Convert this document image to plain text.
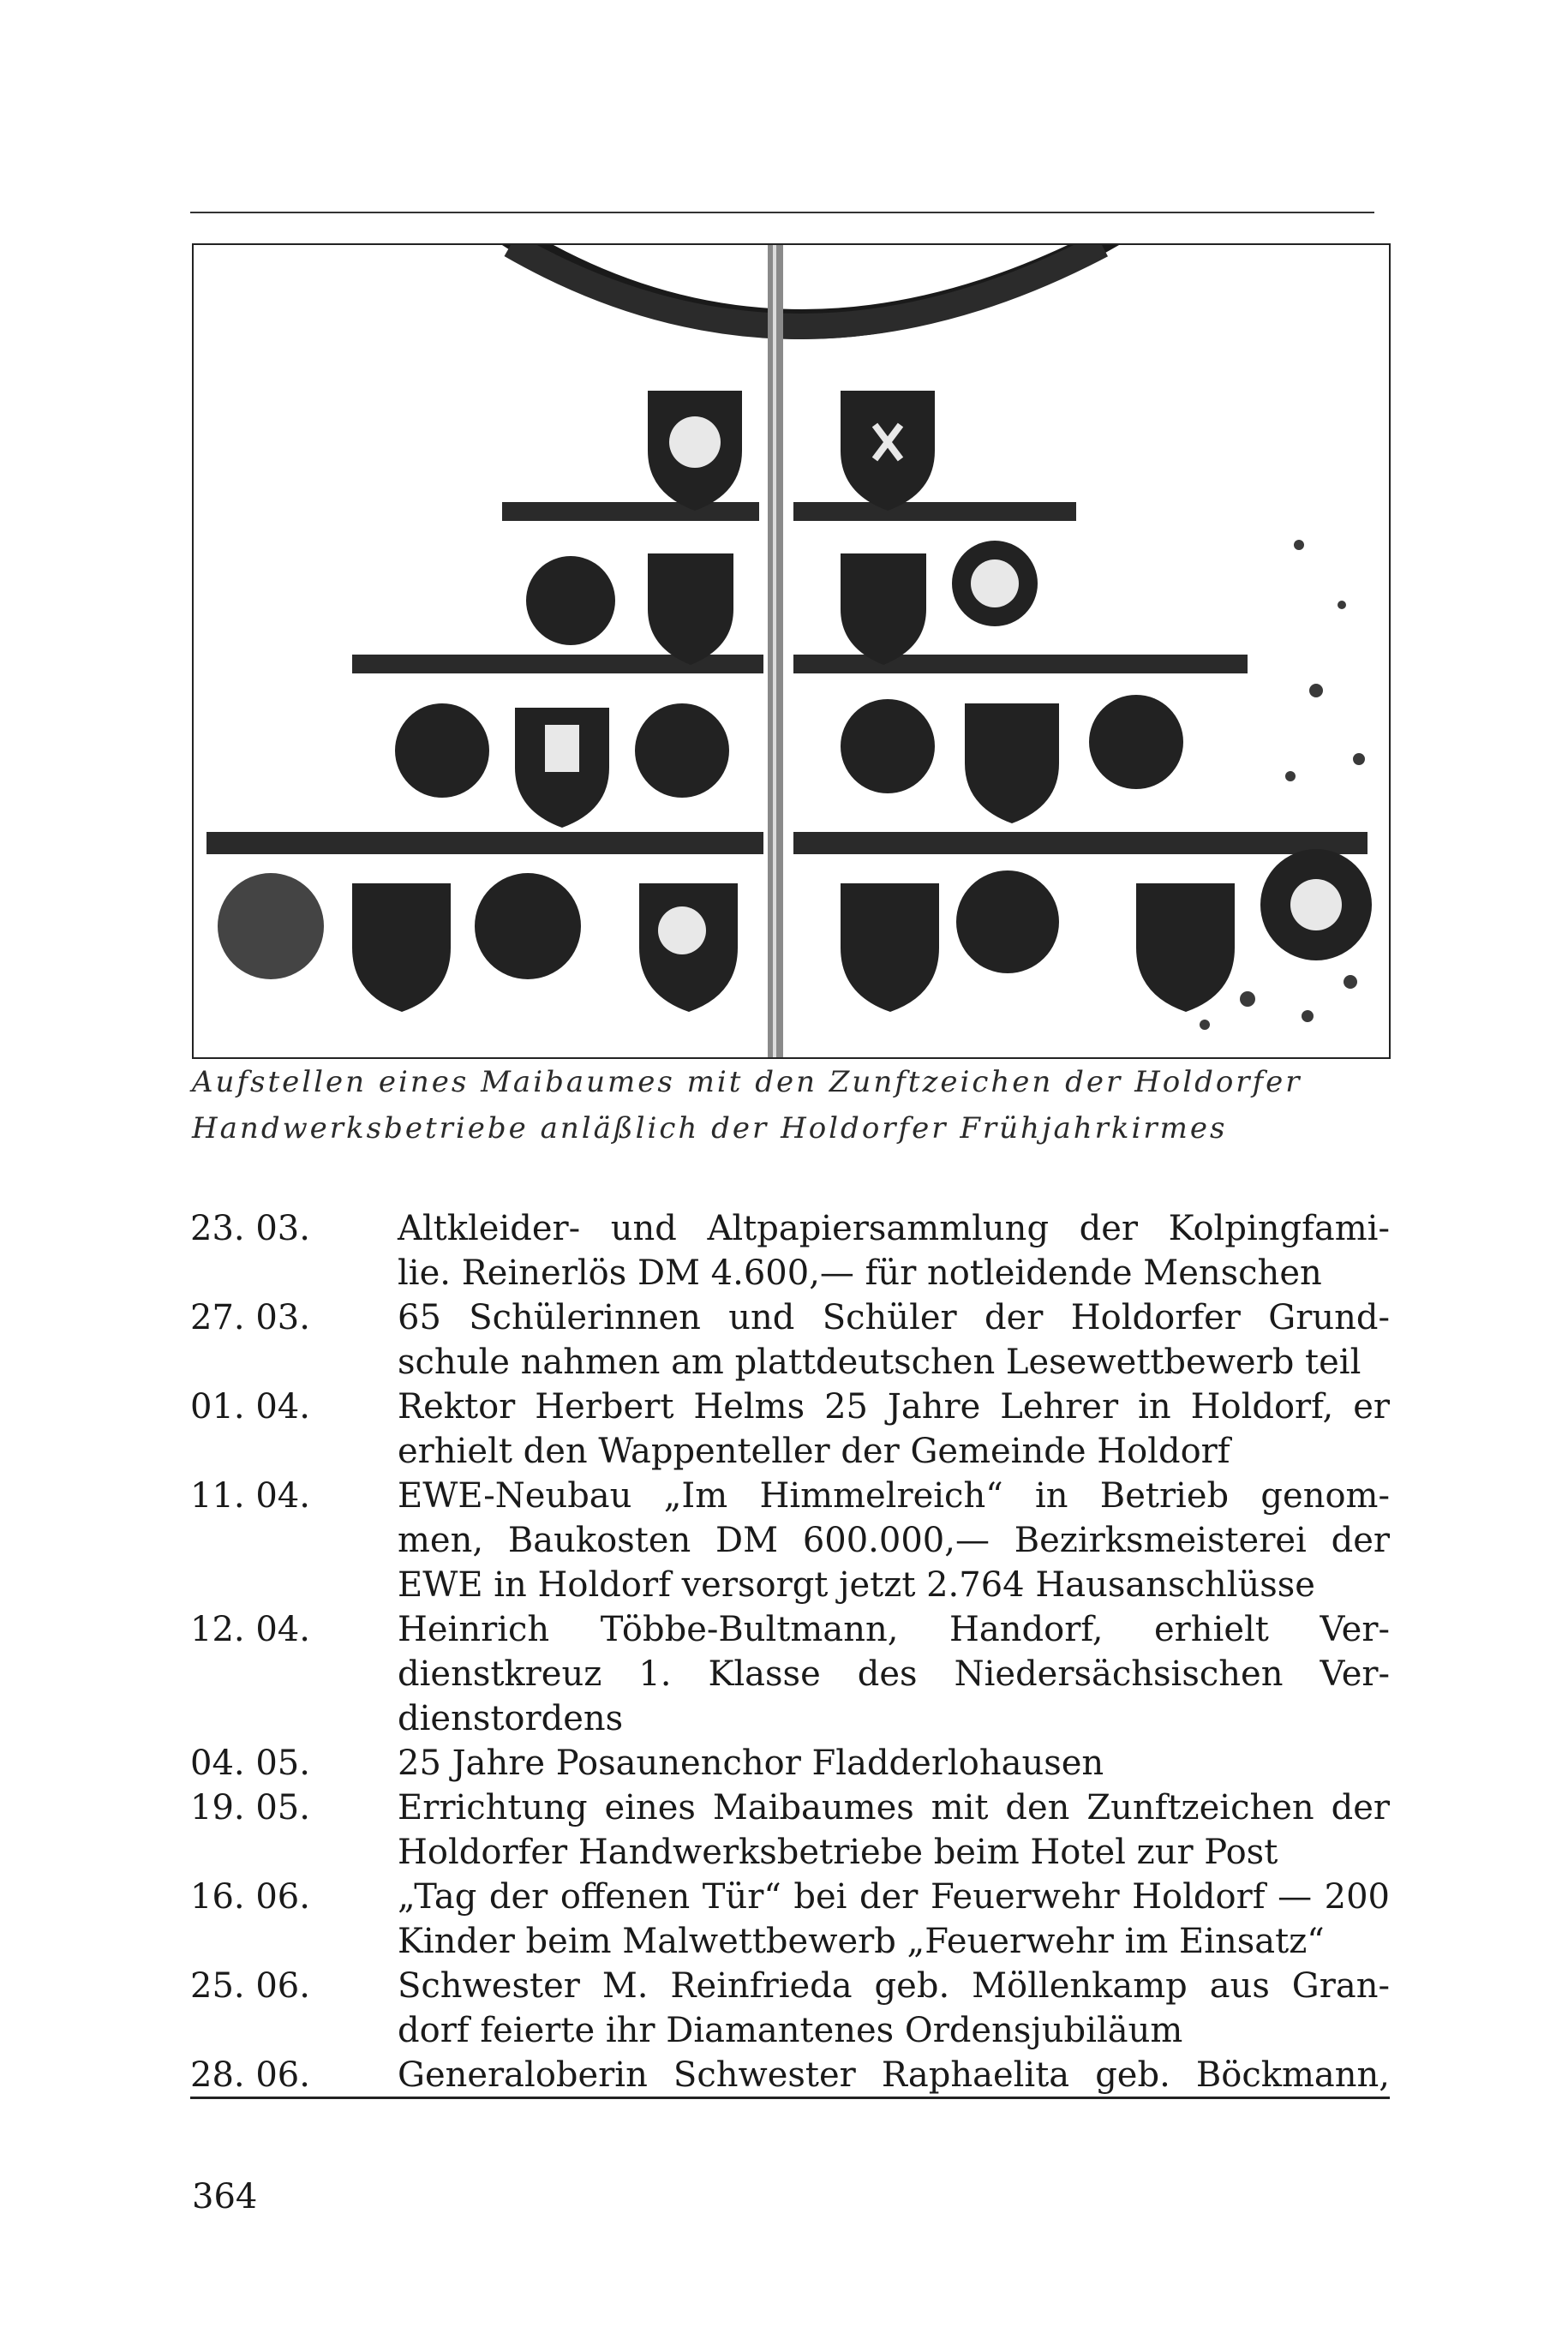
Aufstellen eines Maibaumes mit den Zunftzeichen der Holdorfer
Handwerksbetriebe anläßlich der Holdorfer Frühjahrkirmes
23. 03.	Altkleider- und Altpapiersammlung der Kolpingfami-
lie. Reinerlös DM 4.600,— für notleidende Menschen
27. 03.	65 Schülerinnen und Schüler der Holdorfer Grund-
schule nahmen am plattdeutschen Lesewettbewerb teil
01. 04.	Rektor Herbert Helms 25 Jahre Lehrer in Holdorf, er
erhielt den Wappenteller der Gemeinde Holdorf
11. 04.	EWE-Neubau „Im Himmelreich“ in Betrieb genom-
men, Baukosten DM 600.000,— Bezirksmeisterei der
EWE in Holdorf versorgt jetzt 2.764 Hausanschlüsse
12. 04.	Heinrich Többe-Bultmann, Handorf, erhielt Ver-
dienstkreuz 1. Klasse des Niedersächsischen Ver-
dienstordens
04. 05.	25 Jahre Posaunenchor Fladderlohausen
19. 05.	Errichtung eines Maibaumes mit den Zunftzeichen der
Holdorfer Handwerksbetriebe beim Hotel zur Post
16. 06.	„Tag der offenen Tür“ bei der Feuerwehr Holdorf — 200
Kinder beim Malwettbewerb „Feuerwehr im Einsatz“
25. 06.	Schwester M. Reinfrieda geb. Möllenkamp aus Gran-
dorf feierte ihr Diamantenes Ordensjubiläum
28. 06.	Generaloberin Schwester Raphaelita geb. Böckmann,
364
